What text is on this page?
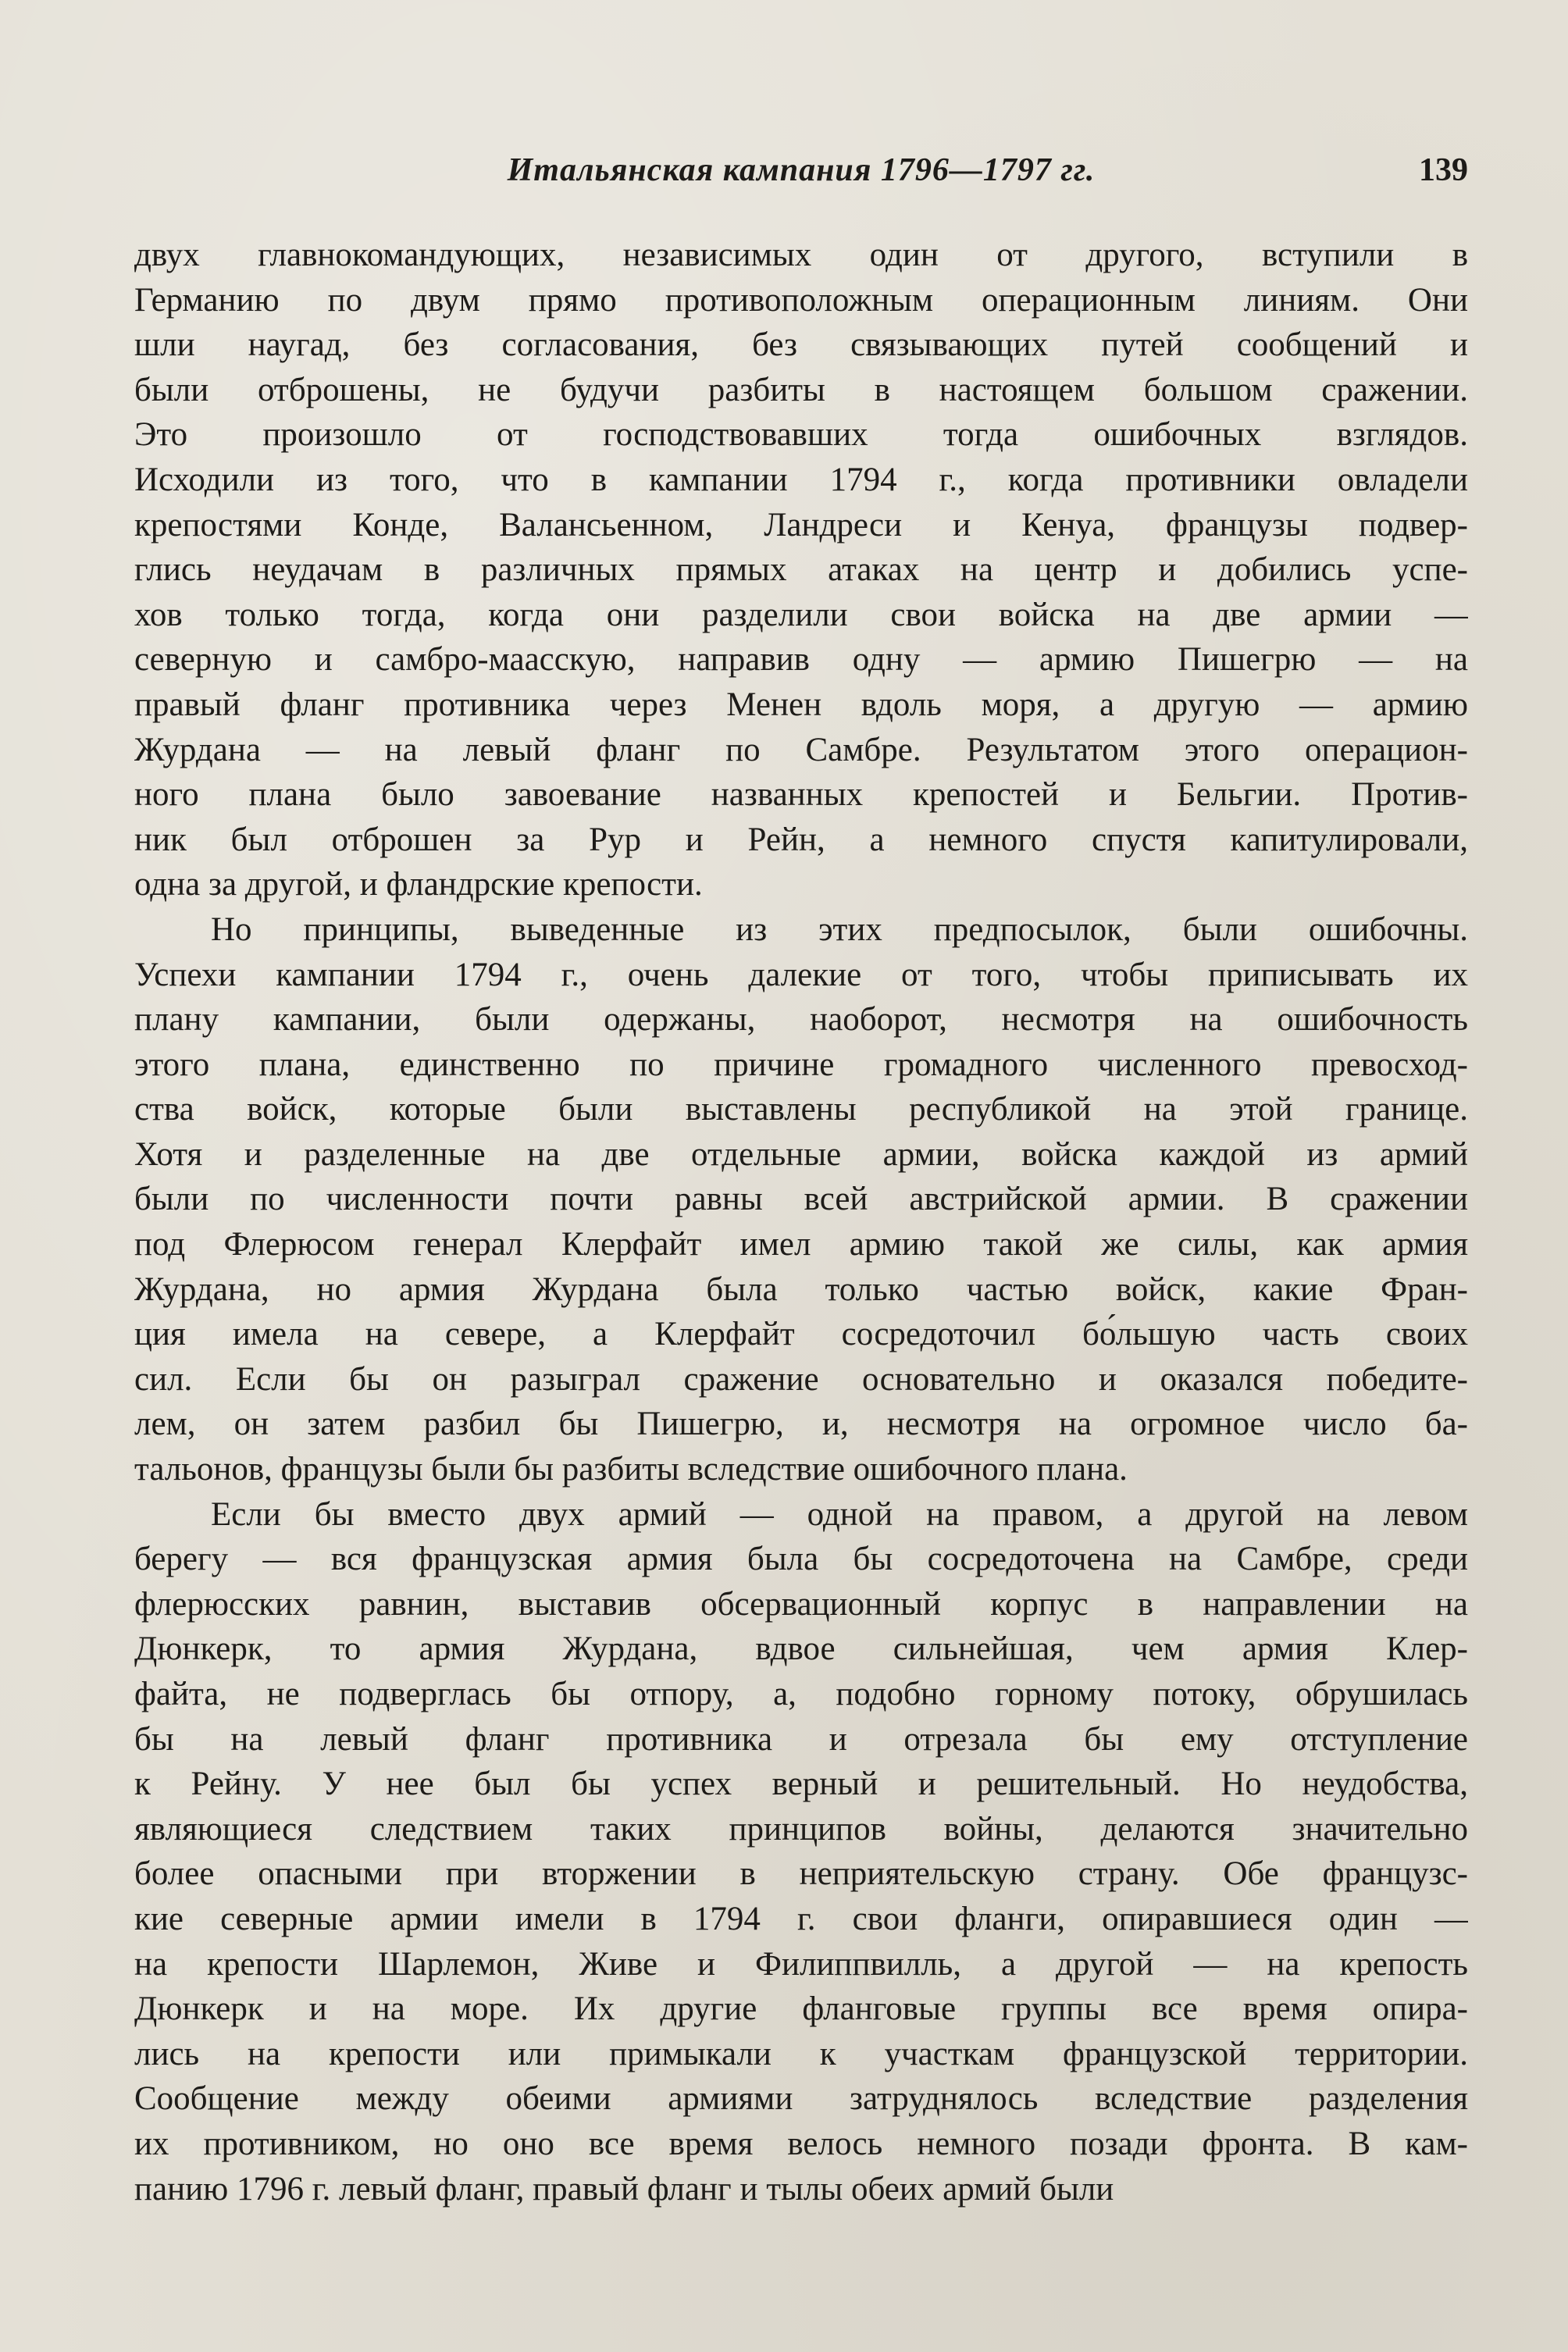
Итальянская кампания 1796—1797 гг.	139
двух главнокомандующих, независимых один от другого, вступили в
Германию по двум прямо противоположным операционным линиям. Они
шли наугад, без согласования, без связывающих путей сообщений и
были отброшены, не будучи разбиты в настоящем большом сражении.
Это произошло от господствовавших тогда ошибочных взглядов.
Исходили из того, что в кампании 1794 г., когда противники овладели
крепостями Конде, Валансьенном, Ландреси и Кенуа, французы подвер-
глись неудачам в различных прямых атаках на центр и добились успе-
хов только тогда, когда они разделили свои войска на две армии —
северную и самбро-маасскую, направив одну — армию Пишегрю — на
правый фланг противника через Менен вдоль моря, а другую — армию
Журдана — на левый фланг по Самбре. Результатом этого операцион-
ного плана было завоевание названных крепостей и Бельгии. Против-
ник был отброшен за Рур и Рейн, а немного спустя капитулировали,
одна за другой, и фландрские крепости.
Но принципы, выведенные из этих предпосылок, были ошибочны.
Успехи кампании 1794 г., очень далекие от того, чтобы приписывать их
плану кампании, были одержаны, наоборот, несмотря на ошибочность
этого плана, единственно по причине громадного численного превосход-
ства войск, которые были выставлены республикой на этой границе.
Хотя и разделенные на две отдельные армии, войска каждой из армий
были по численности почти равны всей австрийской армии. В сражении
под Флерюсом генерал Клерфайт имел армию такой же силы, как армия
Журдана, но армия Журдана была только частью войск, какие Фран-
ция имела на севере, а Клерфайт сосредоточил бо́льшую часть своих
сил. Если бы он разыграл сражение основательно и оказался победите-
лем, он затем разбил бы Пишегрю, и, несмотря на огромное число ба-
тальонов, французы были бы разбиты вследствие ошибочного плана.
Если бы вместо двух армий — одной на правом, а другой на левом
берегу — вся французская армия была бы сосредоточена на Самбре, среди
флерюсских равнин, выставив обсервационный корпус в направлении на
Дюнкерк, то армия Журдана, вдвое сильнейшая, чем армия Клер-
файта, не подверглась бы отпору, а, подобно горному потоку, обрушилась
бы на левый фланг противника и отрезала бы ему отступление
к Рейну. У нее был бы успех верный и решительный. Но неудобства,
являющиеся следствием таких принципов войны, делаются значительно
более опасными при вторжении в неприятельскую страну. Обе французс-
кие северные армии имели в 1794 г. свои фланги, опиравшиеся один —
на крепости Шарлемон, Живе и Филиппвилль, а другой — на крепость
Дюнкерк и на море. Их другие фланговые группы все время опира-
лись на крепости или примыкали к участкам французской территории.
Сообщение между обеими армиями затруднялось вследствие разделения
их противником, но оно все время велось немного позади фронта. В кам-
панию 1796 г. левый фланг, правый фланг и тылы обеих армий были
